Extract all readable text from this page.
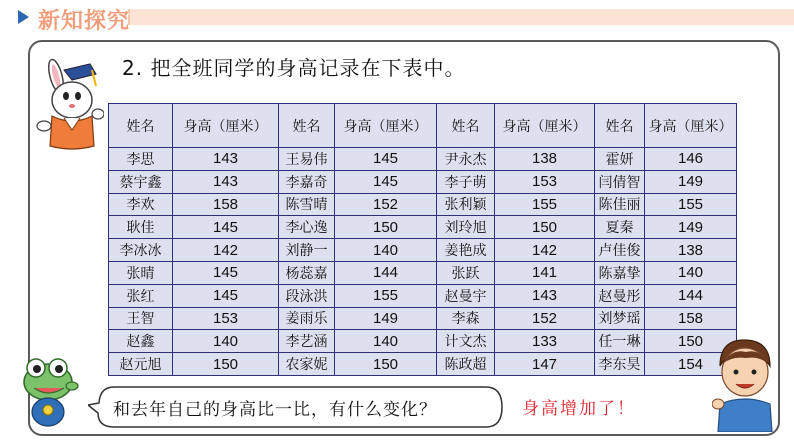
新知探究
2. 把全班同学的身高记录在下表中。
姓名	身高（厘米）	姓名	身高（厘米）	姓名	身高（厘米）	姓名	身高（厘米）
李思	143	王易伟	145	尹永杰	138	霍妍	146
蔡宇鑫	143	李嘉奇	145	李子萌	153	闫倩智	149
李欢	158	陈雪晴	152	张利颖	155	陈佳丽	155
耿佳	145	李心逸	150	刘玲旭	150	夏秦	149
李冰冰	142	刘静一	140	姜艳成	142	卢佳俊	138
张晴	145	杨蕊嘉	144	张跃	141	陈嘉挚	140
张红	145	段泳洪	155	赵曼宇	143	赵曼彤	144
王智	153	姜雨乐	149	李森	152	刘梦瑶	158
赵鑫	140	李艺涵	140	计文杰	133	任一琳	150
赵元旭	150	农家妮	150	陈政超	147	李东昊	154
和去年自己的身高比一比，有什么变化？	身高增加了！
